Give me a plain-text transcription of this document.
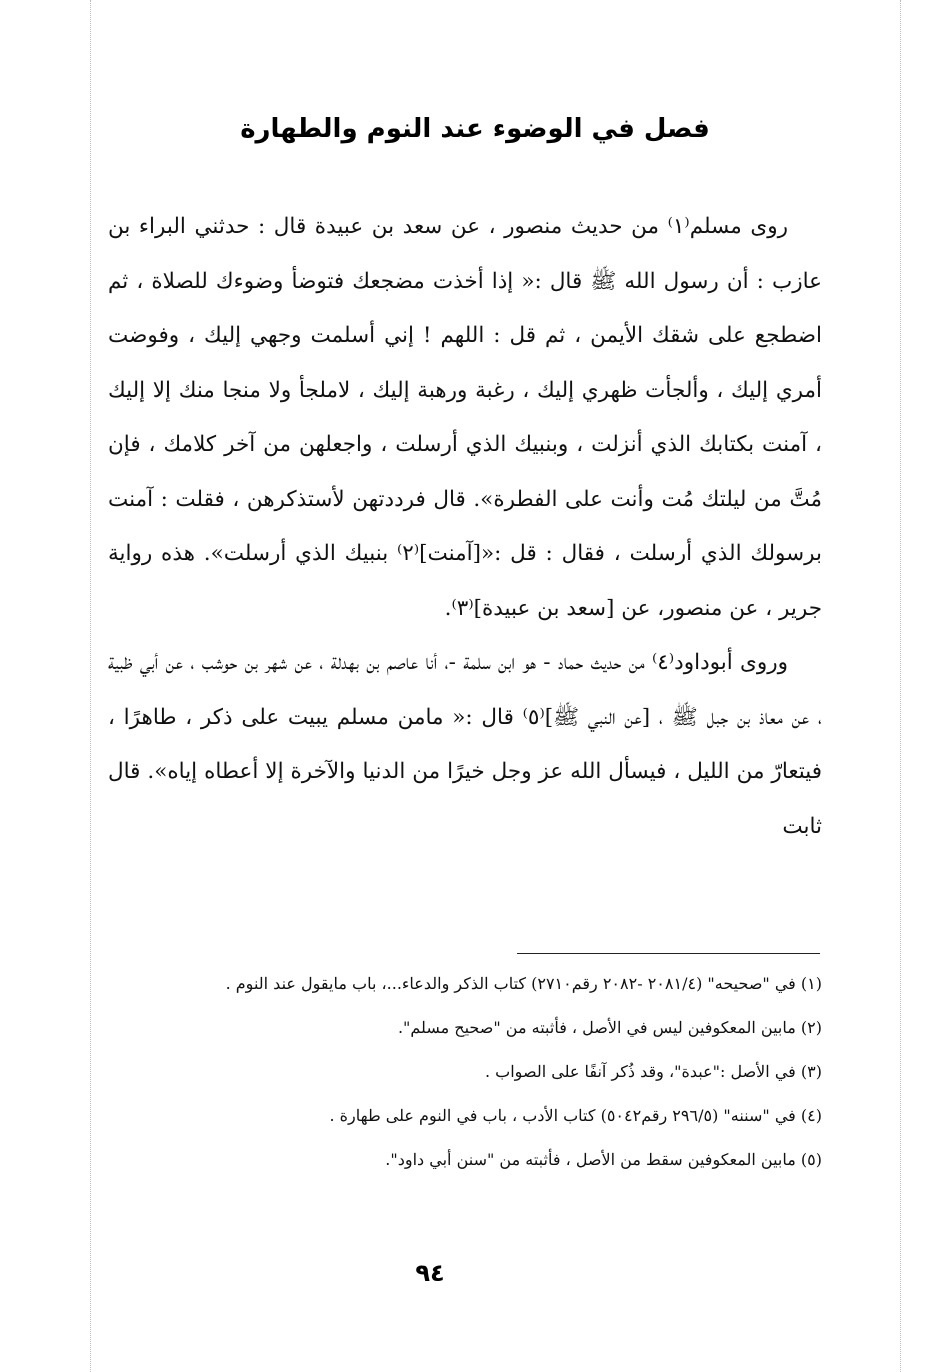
فصل في الوضوء عند النوم والطهارة

روى مسلم⁽١⁾ من حديث منصور ، عن سعد بن عبيدة قال : حدثني البراء بن عازب : أن رسول الله ﷺ قال :« إذا أخذت مضجعك فتوضأ وضوءك للصلاة ، ثم اضطجع على شقك الأيمن ، ثم قل : اللهم ! إني أسلمت وجهي إليك ، وفوضت أمري إليك ، وألجأت ظهري إليك ، رغبة ورهبة إليك ، لاملجأ ولا منجا منك إلا إليك ، آمنت بكتابك الذي أنزلت ، وبنبيك الذي أرسلت ، واجعلهن من آخر كلامك ، فإن مُتَّ من ليلتك مُت وأنت على الفطرة». قال فرددتهن لأستذكرهن ، فقلت : آمنت برسولك الذي أرسلت ، فقال : قل :«[آمنت]⁽٢⁾ بنبيك الذي أرسلت». هذه رواية جرير ، عن منصور، عن [سعد بن عبيدة]⁽٣⁾.

وروى أبوداود⁽٤⁾ من حديث حماد - هو ابن سلمة -، أنا عاصم بن بهدلة ، عن شهر بن حوشب ، عن أبي ظبية ، عن معاذ بن جبل ﷺ ، [عن النبي ﷺ]⁽٥⁾ قال :« مامن مسلم يبيت على ذكر ، طاهرًا ، فيتعارّ من الليل ، فيسأل الله عز وجل خيرًا من الدنيا والآخرة إلا أعطاه إياه». قال ثابت

(١) في "صحيحه" (٢٠٨١/٤ -٢٠٨٢ رقم٢٧١٠) كتاب الذكر والدعاء...، باب مايقول عند النوم .

(٢) مابين المعكوفين ليس في الأصل ، فأثبته من "صحيح مسلم".

(٣) في الأصل :"عبدة"، وقد ذُكر آنفًا على الصواب .

(٤) في "سننه" (٢٩٦/٥ رقم٥٠٤٢) كتاب الأدب ، باب في النوم على طهارة .

(٥) مابين المعكوفين سقط من الأصل ، فأثبته من "سنن أبي داود".

٩٤
